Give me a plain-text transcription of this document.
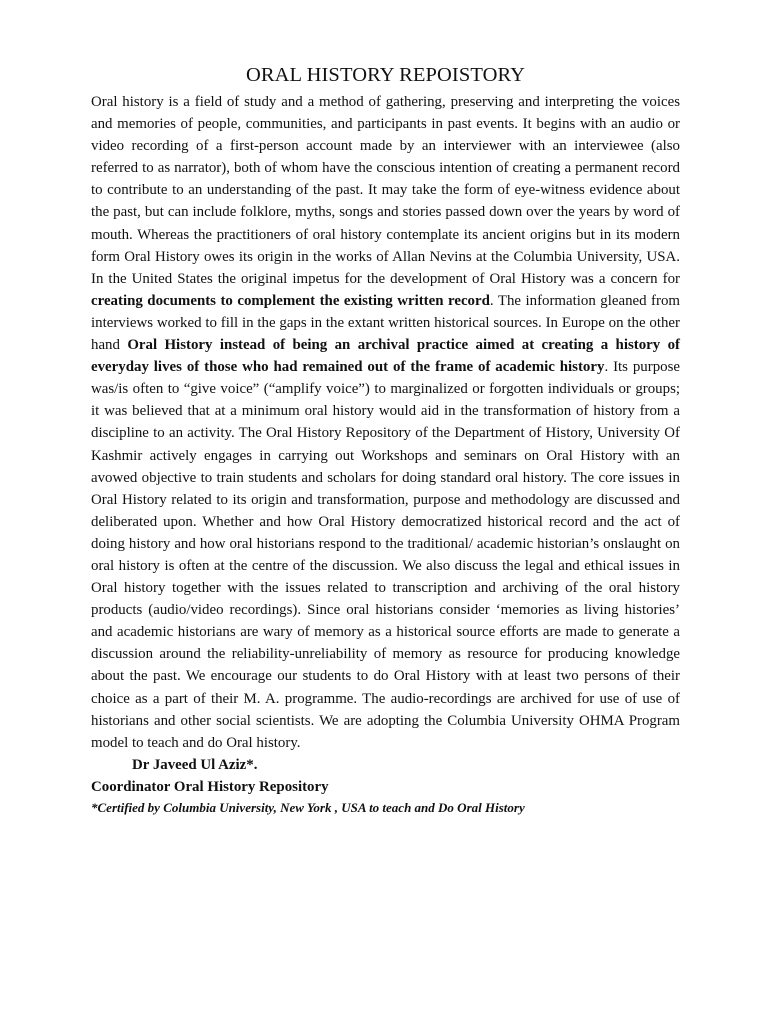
ORAL HISTORY REPOISTORY

Oral history is a field of study and a method of gathering, preserving and interpreting the voices and memories of people, communities, and participants in past events. It begins with an audio or video recording of a first-person account made by an interviewer with an interviewee (also referred to as narrator), both of whom have the conscious intention of creating a permanent record to contribute to an understanding of the past. It may take the form of eye-witness evidence about the past, but can include folklore, myths, songs and stories passed down over the years by word of mouth. Whereas the practitioners of oral history contemplate its ancient origins but in its modern form Oral History owes its origin in the works of Allan Nevins at the Columbia University, USA. In the United States the original impetus for the development of Oral History was a concern for creating documents to complement the existing written record. The information gleaned from interviews worked to fill in the gaps in the extant written historical sources. In Europe on the other hand Oral History instead of being an archival practice aimed at creating a history of everyday lives of those who had remained out of the frame of academic history. Its purpose was/is often to “give voice” (“amplify voice”) to marginalized or forgotten individuals or groups; it was believed that at a minimum oral history would aid in the transformation of history from a discipline to an activity. The Oral History Repository of the Department of History, University Of Kashmir actively engages in carrying out Workshops and seminars on Oral History with an avowed objective to train students and scholars for doing standard oral history. The core issues in Oral History related to its origin and transformation, purpose and methodology are discussed and deliberated upon. Whether and how Oral History democratized historical record and the act of doing history and how oral historians respond to the traditional/ academic historian’s onslaught on oral history is often at the centre of the discussion. We also discuss the legal and ethical issues in Oral history together with the issues related to transcription and archiving of the oral history products (audio/video recordings). Since oral historians consider ‘memories as living histories’ and academic historians are wary of memory as a historical source efforts are made to generate a discussion around the reliability-unreliability of memory as resource for producing knowledge about the past. We encourage our students to do Oral History with at least two persons of their choice as a part of their M. A. programme. The audio-recordings are archived for use of use of historians and other social scientists. We are adopting the Columbia University OHMA Program model to teach and do Oral history.

Dr Javeed Ul Aziz*.

Coordinator Oral History Repository

*Certified by Columbia University, New York , USA to teach and Do Oral History
